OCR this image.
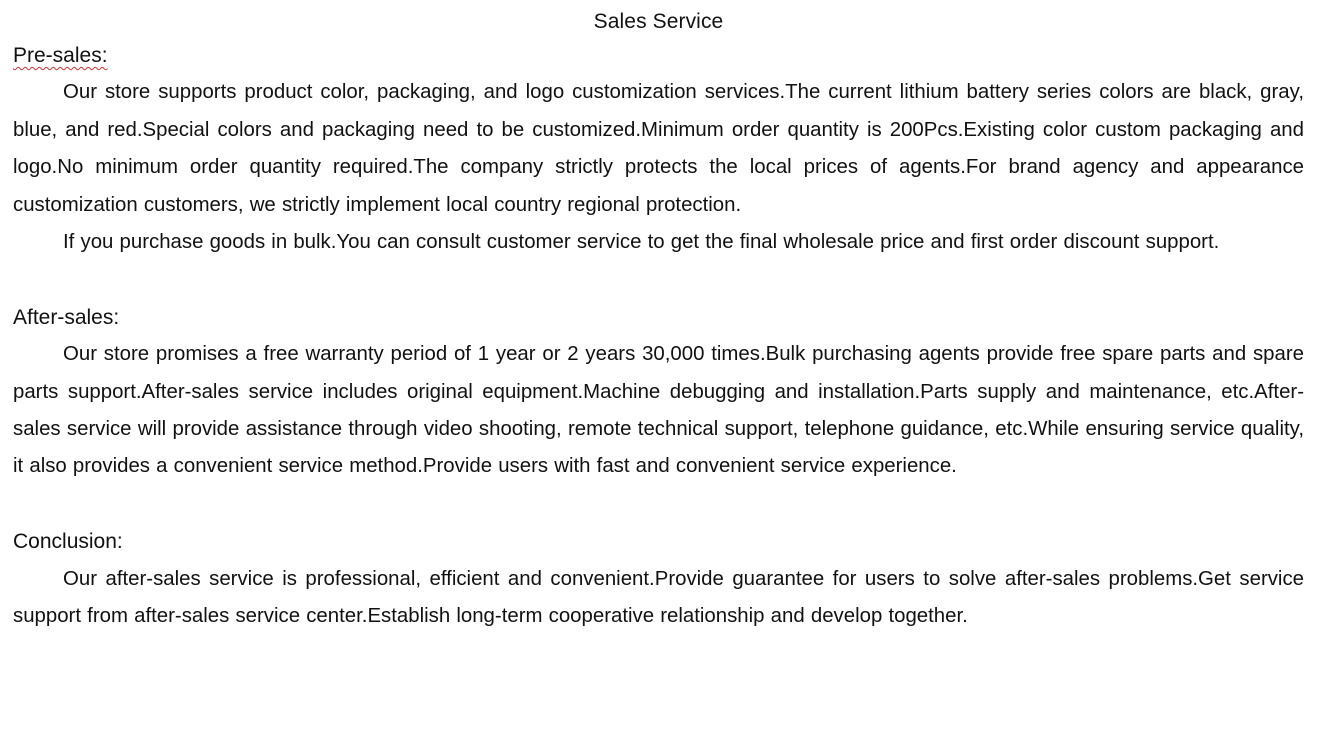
Sales Service
Pre-sales:

Our store supports product color, packaging, and logo customization services.The current lithium battery series colors are black, gray, blue, and red.Special colors and packaging need to be customized.Minimum order quantity is 200Pcs.Existing color custom packaging and logo.No minimum order quantity required.The company strictly protects the local prices of agents.For brand agency and appearance customization customers, we strictly implement local country regional protection.

If you purchase goods in bulk.You can consult customer service to get the final wholesale price and first order discount support.

After-sales:

Our store promises a free warranty period of 1 year or 2 years 30,000 times.Bulk purchasing agents provide free spare parts and spare parts support.After-sales service includes original equipment.Machine debugging and installation.Parts supply and maintenance, etc.After-sales service will provide assistance through video shooting, remote technical support, telephone guidance, etc.While ensuring service quality, it also provides a convenient service method.Provide users with fast and convenient service experience.

Conclusion:

Our after-sales service is professional, efficient and convenient.Provide guarantee for users to solve after-sales problems.Get service support from after-sales service center.Establish long-term cooperative relationship and develop together.
